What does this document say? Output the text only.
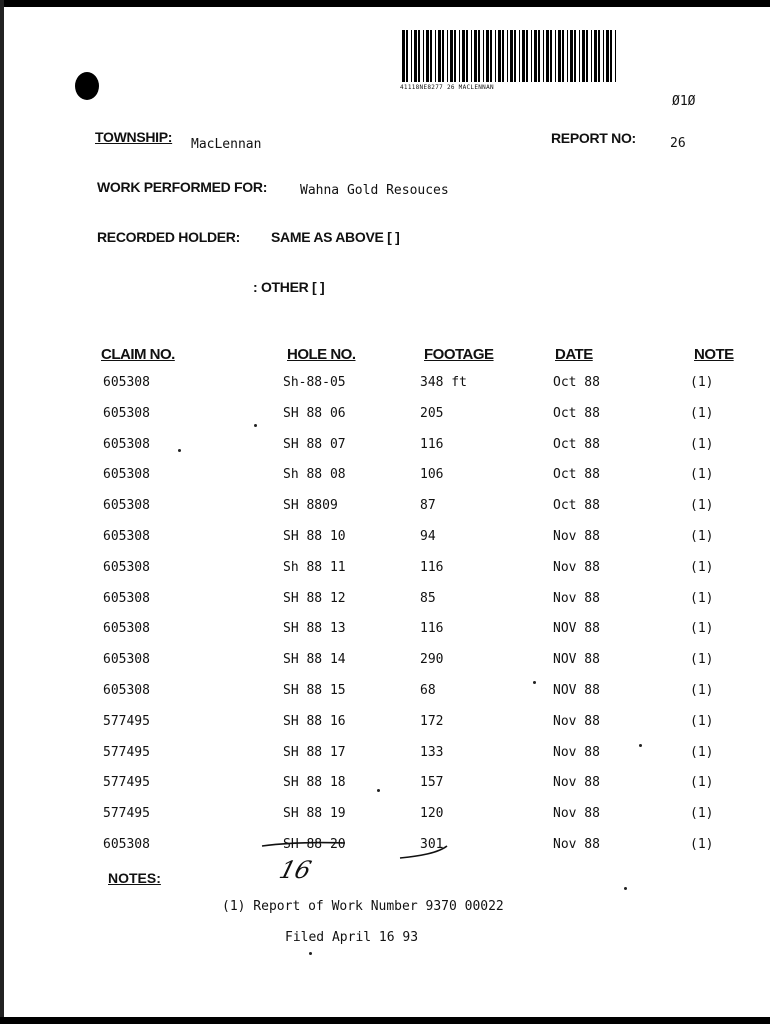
41118NE8277 26 MACLENNAN
Ø1Ø
TOWNSHIP: MacLennan	REPORT NO:	26
WORK PERFORMED FOR:	Wahna Gold Resouces
RECORDED HOLDER: SAME AS ABOVE [ ]
: OTHER [ ]
CLAIM NO.	HOLE NO.	FOOTAGE	DATE	NOTE
605308	Sh-88-05	348 ft	Oct 88	(1)
605308	SH 88 06	205	Oct 88	(1)
605308	SH 88 07	116	Oct 88	(1)
605308	Sh 88 08	106	Oct 88	(1)
605308	SH 8809	87	Oct 88	(1)
605308	SH 88 10	94	Nov 88	(1)
605308	Sh 88 11	116	Nov 88	(1)
605308	SH 88 12	85	Nov 88	(1)
605308	SH 88 13	116	NOV 88	(1)
605308	SH 88 14	290	NOV 88	(1)
605308	SH 88 15	68	NOV 88	(1)
577495	SH 88 16	172	Nov 88	(1)
577495	SH 88 17	133	Nov 88	(1)
577495	SH 88 18	157	Nov 88	(1)
577495	SH 88 19	120	Nov 88	(1)
605308	SH 88 20	301	Nov 88	(1)
16
NOTES:
(1) Report of Work Number 9370 00022
Filed April 16 93
